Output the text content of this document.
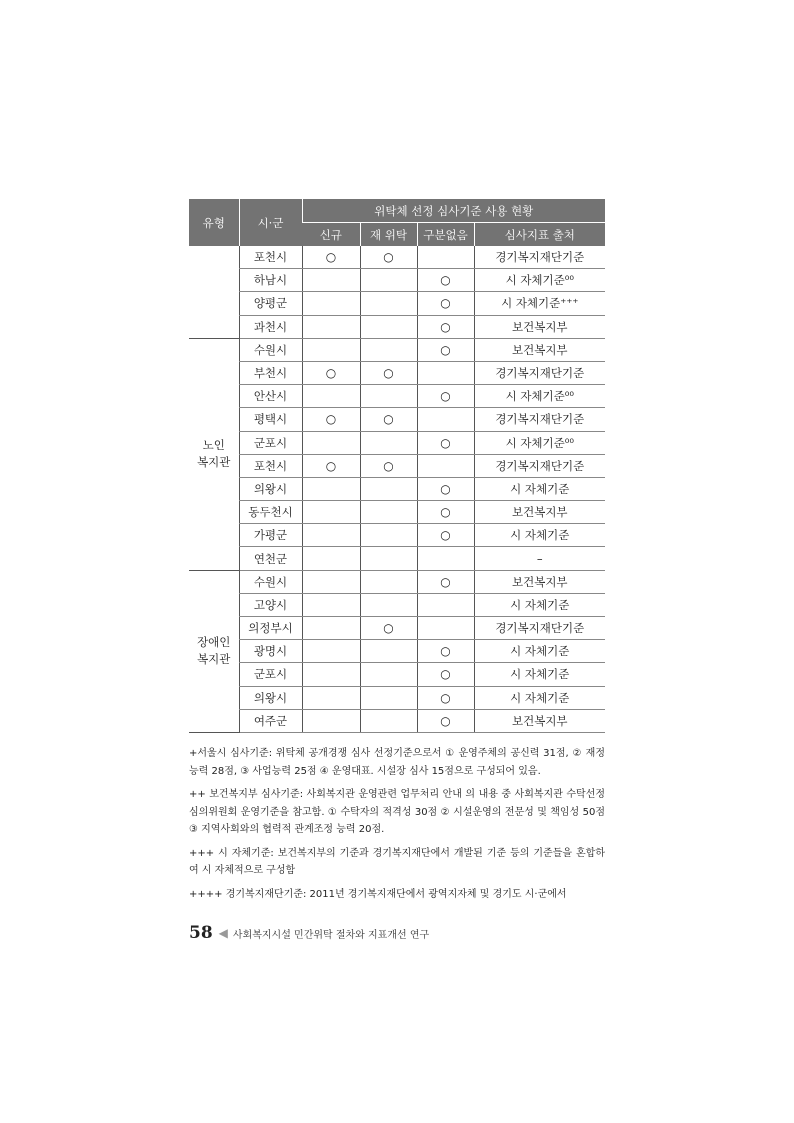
유형	시·군	위탁체 선정 심사기준 사용 현황			
		신규	재 위탁	구분없음	심사지표 출처
	포천시	○	○		경기복지재단기준
	하남시			○	시 자체기준⁰⁰
	양평군			○	시 자체기준⁺⁺⁺
	과천시			○	보건복지부
노인
복지관	수원시			○	보건복지부
	부천시	○	○		경기복지재단기준
	안산시			○	시 자체기준⁰⁰
	평택시	○	○		경기복지재단기준
	군포시			○	시 자체기준⁰⁰
	포천시	○	○		경기복지재단기준
	의왕시			○	시 자체기준
	동두천시			○	보건복지부
	가평군			○	시 자체기준
	연천군				–
장애인
복지관	수원시			○	보건복지부
	고양시				시 자체기준
	의정부시		○		경기복지재단기준
	광명시			○	시 자체기준
	군포시			○	시 자체기준
	의왕시			○	시 자체기준
	여주군			○	보건복지부

+서울시 심사기준: 위탁체 공개경쟁 심사 선정기준으로서 ① 운영주체의 공신력 31점, ② 재정능력 28점, ③ 사업능력 25점 ④ 운영대표. 시설장 심사 15점으로 구성되어 있음.

++ 보건복지부 심사기준: 사회복지관 운영관련 업무처리 안내 의 내용 중 사회복지관 수탁선정심의위원회 운영기준을 참고함. ① 수탁자의 적격성 30점 ② 시설운영의 전문성 및 책임성 50점 ③ 지역사회와의 협력적 관계조정 능력 20점.

+++ 시 자체기준: 보건복지부의 기준과 경기복지재단에서 개발된 기준 등의 기준들을 혼합하여 시 자체적으로 구성함

++++ 경기복지재단기준: 2011년 경기복지재단에서 광역지자체 및 경기도 시·군에서

58 ◀ 사회복지시설 민간위탁 절차와 지표개선 연구
